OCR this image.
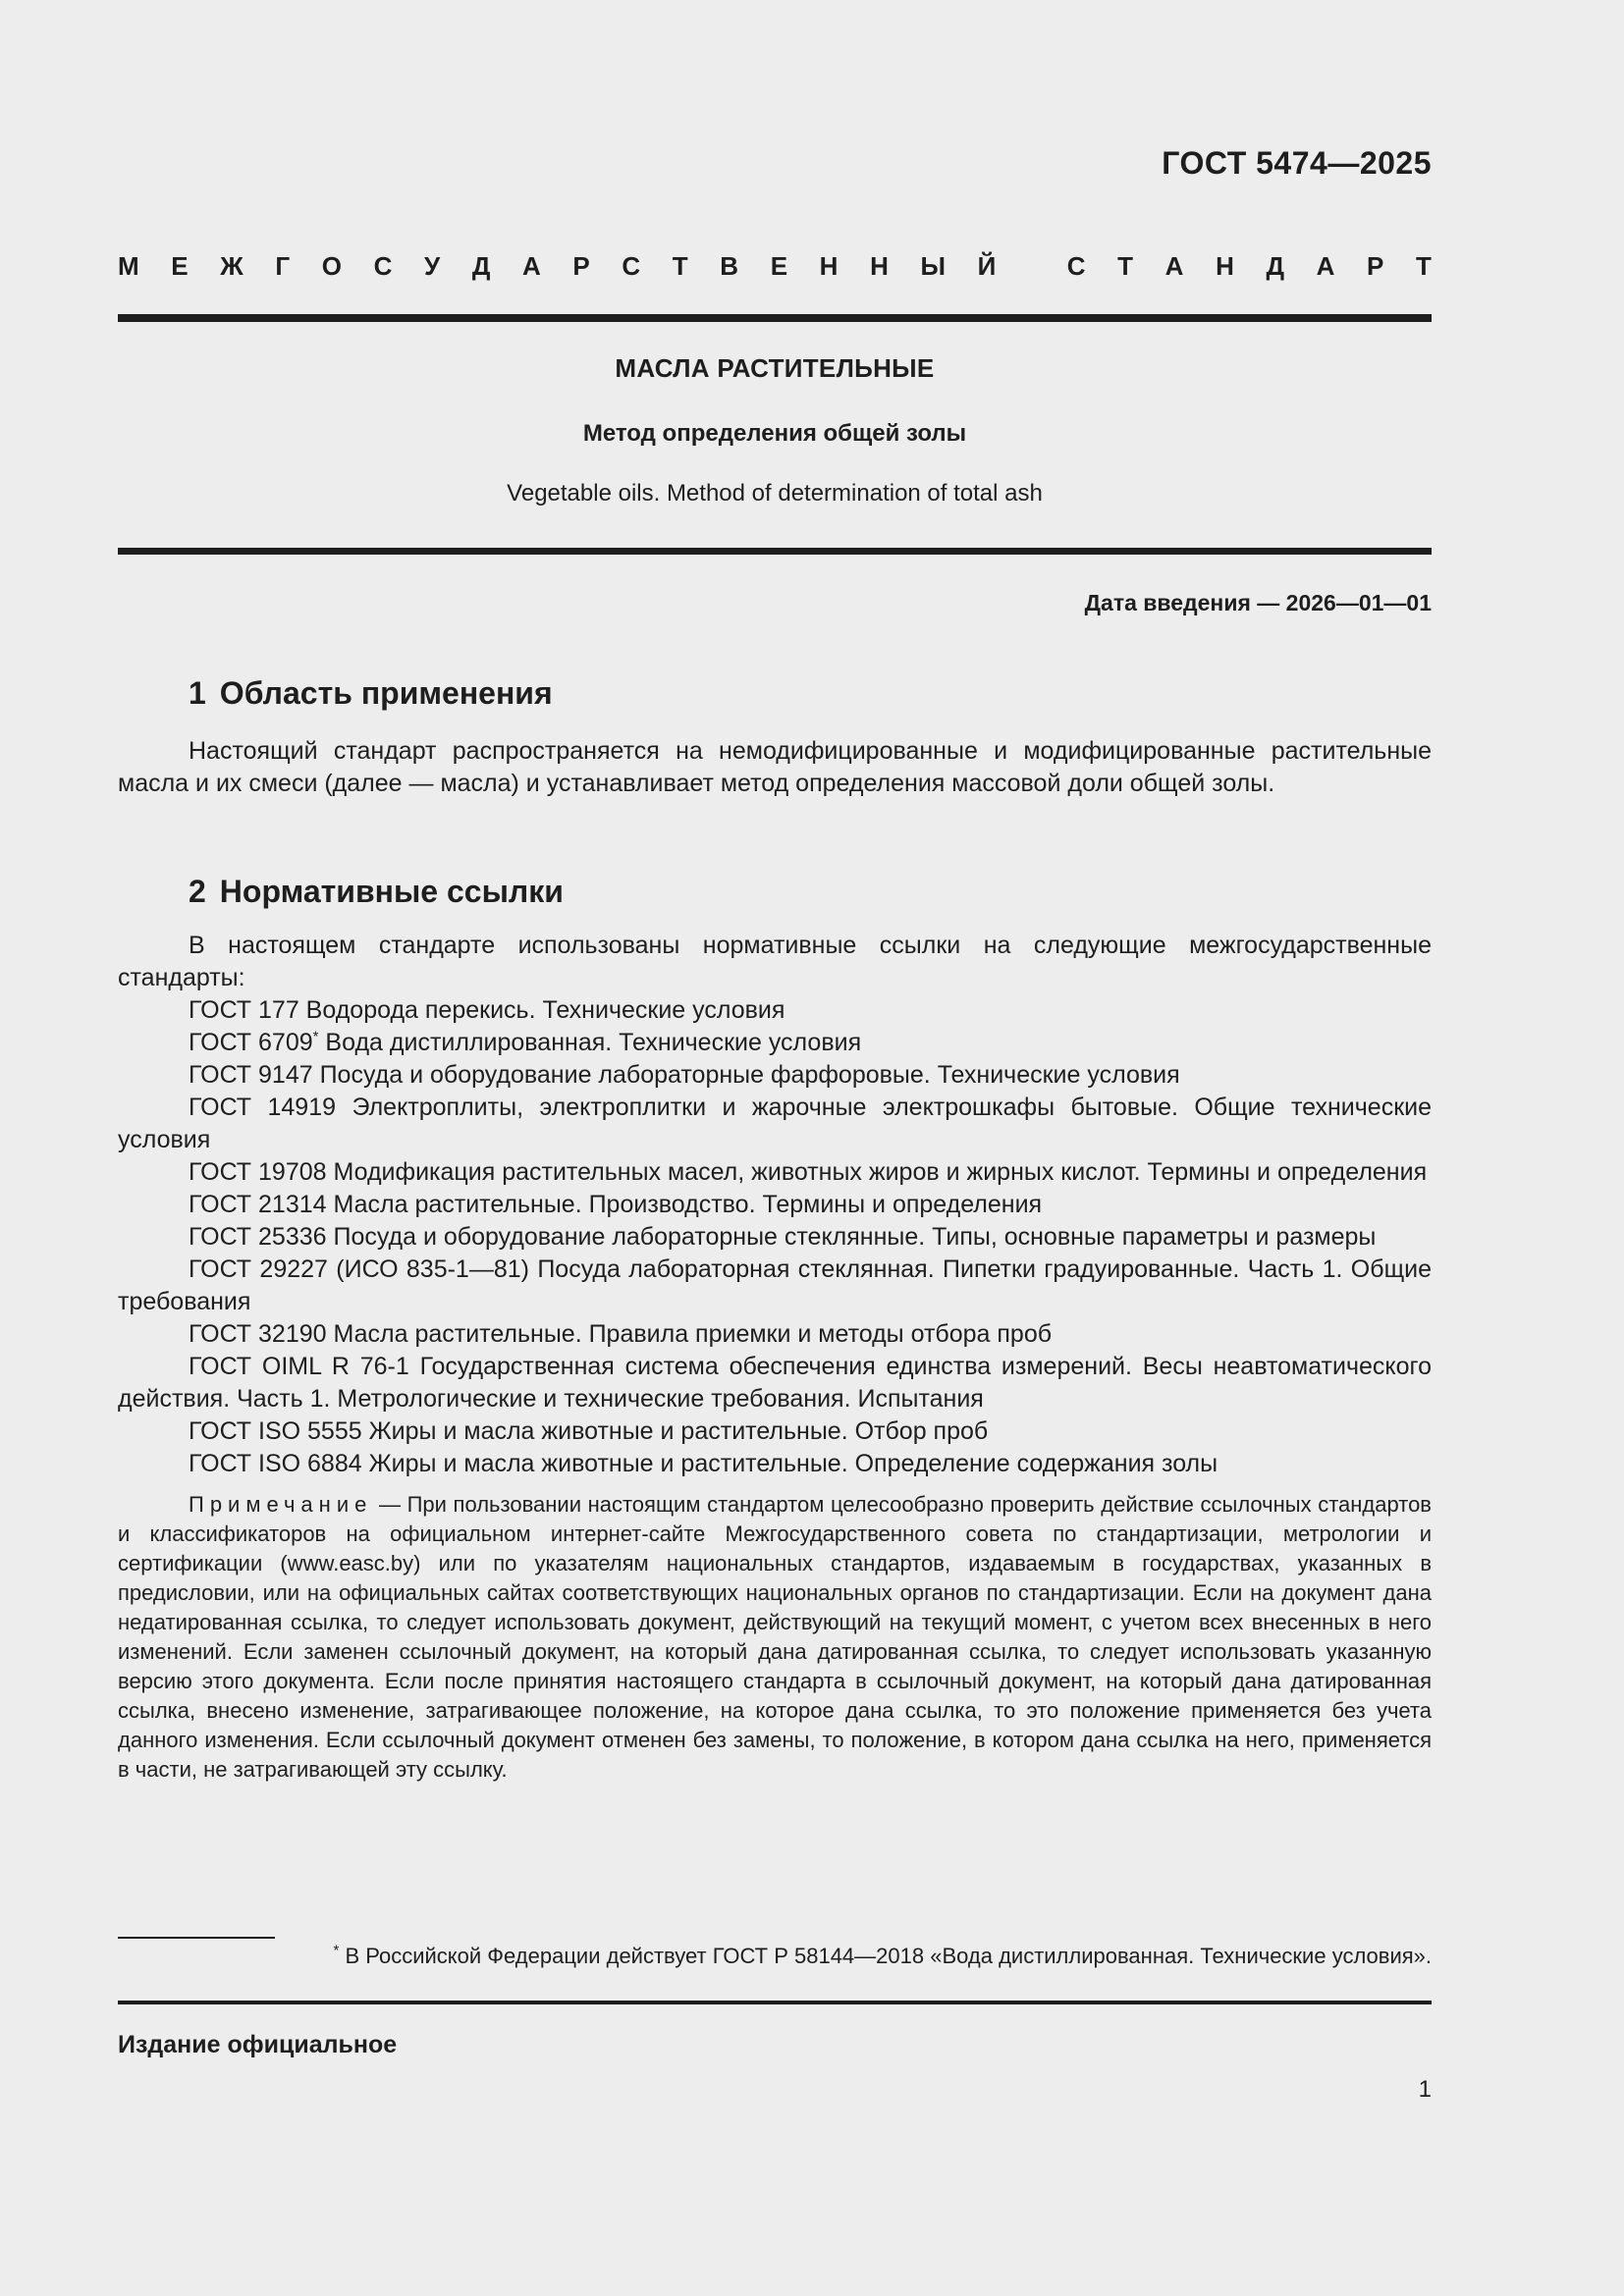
ГОСТ 5474—2025
М Е Ж Г О С У Д А Р С Т В Е Н Н Ы Й
	С Т А Н Д А Р Т
МАСЛА РАСТИТЕЛЬНЫЕ
Метод определения общей золы
Vegetable oils. Method of determination of total ash
Дата введения — 2026—01—01
1 Область применения

Настоящий стандарт распространяется на немодифицированные и модифицированные растительные масла и их смеси (далее — масла) и устанавливает метод определения массовой доли общей золы.

2 Нормативные ссылки

В настоящем стандарте использованы нормативные ссылки на следующие межгосударственные стандарты:

ГОСТ 177 Водорода перекись. Технические условия
ГОСТ 6709* Вода дистиллированная. Технические условия
ГОСТ 9147 Посуда и оборудование лабораторные фарфоровые. Технические условия
ГОСТ 14919 Электроплиты, электроплитки и жарочные электрошкафы бытовые. Общие технические условия
ГОСТ 19708 Модификация растительных масел, животных жиров и жирных кислот. Термины и определения
ГОСТ 21314 Масла растительные. Производство. Термины и определения
ГОСТ 25336 Посуда и оборудование лабораторные стеклянные. Типы, основные параметры и размеры
ГОСТ 29227 (ИСО 835-1—81) Посуда лабораторная стеклянная. Пипетки градуированные. Часть 1. Общие требования
ГОСТ 32190 Масла растительные. Правила приемки и методы отбора проб
ГОСТ OIML R 76-1 Государственная система обеспечения единства измерений. Весы неавтоматического действия. Часть 1. Метрологические и технические требования. Испытания
ГОСТ ISO 5555 Жиры и масла животные и растительные. Отбор проб
ГОСТ ISO 6884 Жиры и масла животные и растительные. Определение содержания золы

Примечание — При пользовании настоящим стандартом целесообразно проверить действие ссылочных стандартов и классификаторов на официальном интернет-сайте Межгосударственного совета по стандартизации, метрологии и сертификации (www.easc.by) или по указателям национальных стандартов, издаваемым в государствах, указанных в предисловии, или на официальных сайтах соответствующих национальных органов по стандартизации. Если на документ дана недатированная ссылка, то следует использовать документ, действующий на текущий момент, с учетом всех внесенных в него изменений. Если заменен ссылочный документ, на который дана датированная ссылка, то следует использовать указанную версию этого документа. Если после принятия настоящего стандарта в ссылочный документ, на который дана датированная ссылка, внесено изменение, затрагивающее положение, на которое дана ссылка, то это положение применяется без учета данного изменения. Если ссылочный документ отменен без замены, то положение, в котором дана ссылка на него, применяется в части, не затрагивающей эту ссылку.

* В Российской Федерации действует ГОСТ Р 58144—2018 «Вода дистиллированная. Технические условия».
Издание официальное
1
